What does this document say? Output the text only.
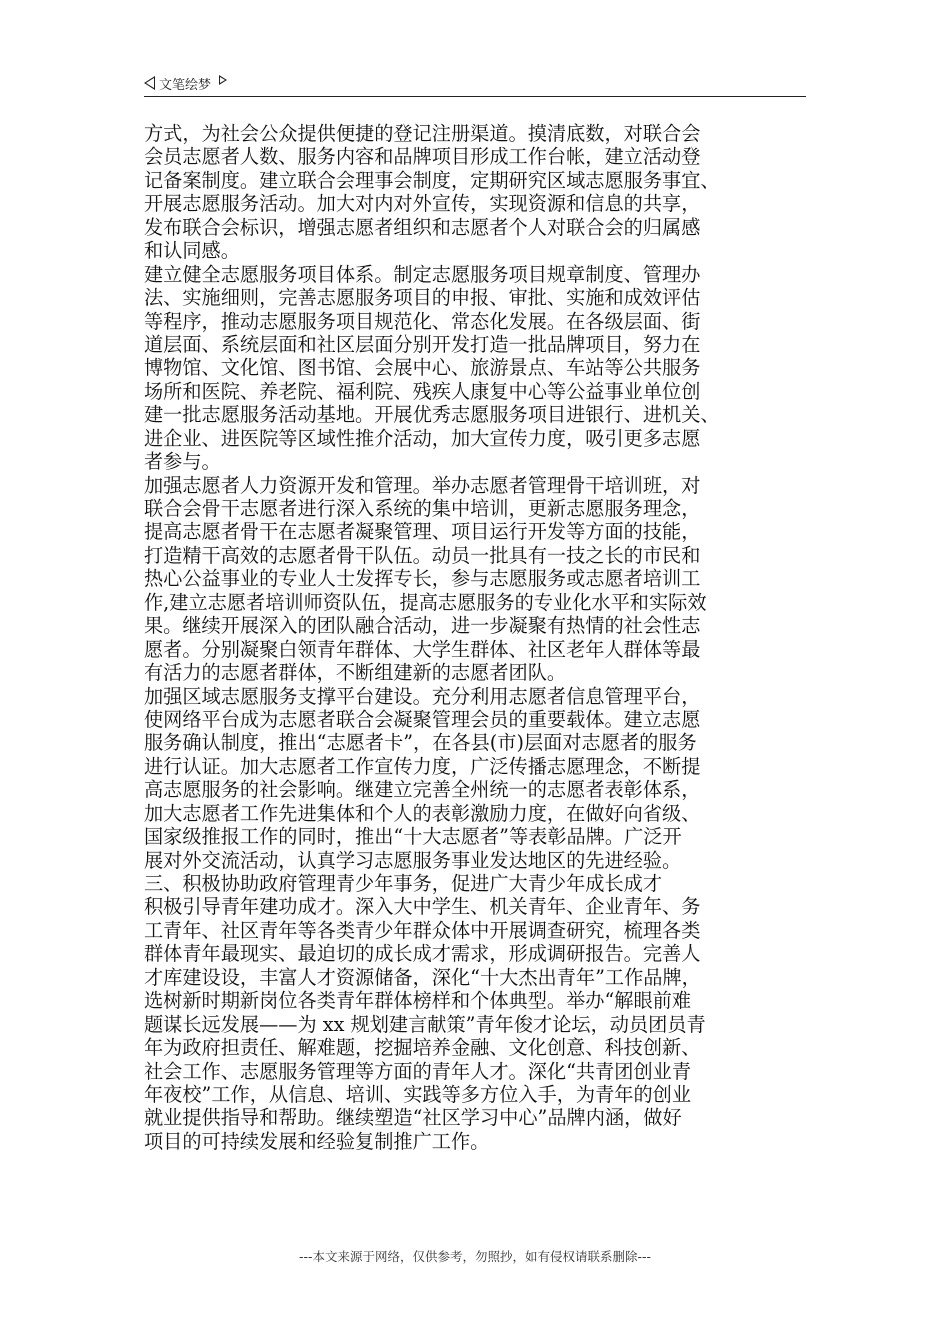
文笔绘梦
方式，为社会公众提供便捷的登记注册渠道。摸清底数，对联合会
会员志愿者人数、服务内容和品牌项目形成工作台帐，建立活动登
记备案制度。建立联合会理事会制度，定期研究区域志愿服务事宜、
开展志愿服务活动。加大对内对外宣传，实现资源和信息的共享，
发布联合会标识，增强志愿者组织和志愿者个人对联合会的归属感
和认同感。
建立健全志愿服务项目体系。制定志愿服务项目规章制度、管理办
法、实施细则，完善志愿服务项目的申报、审批、实施和成效评估
等程序，推动志愿服务项目规范化、常态化发展。在各级层面、街
道层面、系统层面和社区层面分别开发打造一批品牌项目，努力在
博物馆、文化馆、图书馆、会展中心、旅游景点、车站等公共服务
场所和医院、养老院、福利院、残疾人康复中心等公益事业单位创
建一批志愿服务活动基地。开展优秀志愿服务项目进银行、进机关、
进企业、进医院等区域性推介活动，加大宣传力度，吸引更多志愿
者参与。
加强志愿者人力资源开发和管理。举办志愿者管理骨干培训班，对
联合会骨干志愿者进行深入系统的集中培训，更新志愿服务理念，
提高志愿者骨干在志愿者凝聚管理、项目运行开发等方面的技能，
打造精干高效的志愿者骨干队伍。动员一批具有一技之长的市民和
热心公益事业的专业人士发挥专长，参与志愿服务或志愿者培训工
作,建立志愿者培训师资队伍，提高志愿服务的专业化水平和实际效
果。继续开展深入的团队融合活动，进一步凝聚有热情的社会性志
愿者。分别凝聚白领青年群体、大学生群体、社区老年人群体等最
有活力的志愿者群体，不断组建新的志愿者团队。
加强区域志愿服务支撑平台建设。充分利用志愿者信息管理平台，
使网络平台成为志愿者联合会凝聚管理会员的重要载体。建立志愿
服务确认制度，推出“志愿者卡”，在各县(市)层面对志愿者的服务
进行认证。加大志愿者工作宣传力度，广泛传播志愿理念，不断提
高志愿服务的社会影响。继建立完善全州统一的志愿者表彰体系，
加大志愿者工作先进集体和个人的表彰激励力度，在做好向省级、
国家级推报工作的同时，推出“十大志愿者”等表彰品牌。广泛开
展对外交流活动，认真学习志愿服务事业发达地区的先进经验。
三、积极协助政府管理青少年事务，促进广大青少年成长成才
积极引导青年建功成才。深入大中学生、机关青年、企业青年、务
工青年、社区青年等各类青少年群众体中开展调查研究，梳理各类
群体青年最现实、最迫切的成长成才需求，形成调研报告。完善人
才库建设设，丰富人才资源储备，深化“十大杰出青年”工作品牌，
选树新时期新岗位各类青年群体榜样和个体典型。举办“解眼前难
题谋长远发展——为 xx 规划建言献策”青年俊才论坛，动员团员青
年为政府担责任、解难题，挖掘培养金融、文化创意、科技创新、
社会工作、志愿服务管理等方面的青年人才。深化“共青团创业青
年夜校”工作，从信息、培训、实践等多方位入手，为青年的创业
就业提供指导和帮助。继续塑造“社区学习中心”品牌内涵，做好
项目的可持续发展和经验复制推广工作。
---本文来源于网络，仅供参考，勿照抄，如有侵权请联系删除---
